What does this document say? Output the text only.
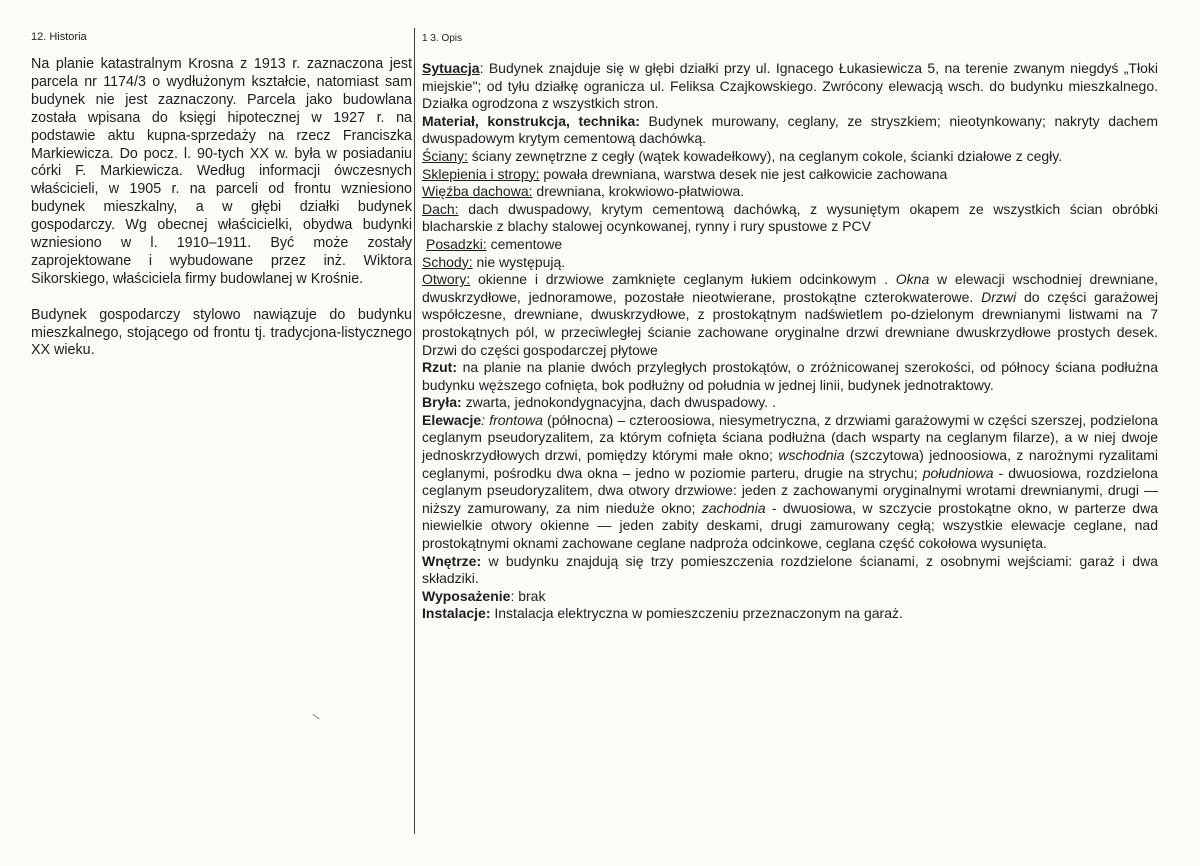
12. Historia	1 3. Opis

Na planie katastralnym Krosna z 1913 r. zaznaczona jest parcela nr 1174/3 o wydłużonym kształcie, natomiast sam budynek nie jest zaznaczony. Parcela jako budowlana została wpisana do księgi hipotecznej w 1927 r. na podstawie aktu kupna-sprzedaży na rzecz Franciszka Markiewicza. Do pocz. l. 90-tych XX w. była w posiadaniu córki F. Markiewicza. Według informacji ówczesnych właścicieli, w 1905 r. na parceli od frontu wzniesiono budynek mieszkalny, a w głębi działki budynek gospodarczy. Wg obecnej właścicielki, obydwa budynki wzniesiono w l. 1910–1911. Być może zostały zaprojektowane i wybudowane przez inż. Wiktora Sikorskiego, właściciela firmy budowlanej w Krośnie.

Budynek gospodarczy stylowo nawiązuje do budynku mieszkalnego, stojącego od frontu tj. tradycjona-listycznego XX wieku.

Sytuacja: Budynek znajduje się w głębi działki przy ul. Ignacego Łukasiewicza 5, na terenie zwanym niegdyś „Tłoki miejskie"; od tyłu działkę ogranicza ul. Feliksa Czajkowskiego. Zwrócony elewacją wsch. do budynku mieszkalnego. Działka ogrodzona z wszystkich stron.

Materiał, konstrukcja, technika: Budynek murowany, ceglany, ze stryszkiem; nieotynkowany; nakryty dachem dwuspadowym krytym cementową dachówką.

Ściany: ściany zewnętrzne z cegły (wątek kowadełkowy), na ceglanym cokole, ścianki działowe z cegły.

Sklepienia i stropy: powała drewniana, warstwa desek nie jest całkowicie zachowana

Więźba dachowa: drewniana, krokwiowo-płatwiowa.

Dach: dach dwuspadowy, krytym cementową dachówką, z wysuniętym okapem ze wszystkich ścian obróbki blacharskie z blachy stalowej ocynkowanej, rynny i rury spustowe z PCV

Posadzki: cementowe

Schody: nie występują.

Otwory: okienne i drzwiowe zamknięte ceglanym łukiem odcinkowym . Okna w elewacji wschodniej drewniane, dwuskrzydłowe, jednoramowe, pozostałe nieotwierane, prostokątne czterokwaterowe. Drzwi do części garażowej współczesne, drewniane, dwuskrzydłowe, z prostokątnym nadświetlem po-dzielonym drewnianymi listwami na 7 prostokątnych pól, w przeciwległej ścianie zachowane oryginalne drzwi drewniane dwuskrzydłowe prostych desek. Drzwi do części gospodarczej płytowe

Rzut: na planie na planie dwóch przyległych prostokątów, o zróżnicowanej szerokości, od północy ściana podłużna budynku węższego cofnięta, bok podłużny od południa w jednej linii, budynek jednotraktowy.

Bryła: zwarta, jednokondygnacyjna, dach dwuspadowy. .

Elewacje: frontowa (północna) – czteroosiowa, niesymetryczna, z drzwiami garażowymi w części szerszej, podzielona ceglanym pseudoryzalitem, za którym cofnięta ściana podłużna (dach wsparty na ceglanym filarze), a w niej dwoje jednoskrzydłowych drzwi, pomiędzy którymi małe okno; wschodnia (szczytowa) jednoosiowa, z narożnymi ryzalitami ceglanymi, pośrodku dwa okna – jedno w poziomie parteru, drugie na strychu; południowa - dwuosiowa, rozdzielona ceglanym pseudoryzalitem, dwa otwory drzwiowe: jeden z zachowanymi oryginalnymi wrotami drewnianymi, drugi — niższy zamurowany, za nim nieduże okno; zachodnia - dwuosiowa, w szczycie prostokątne okno, w parterze dwa niewielkie otwory okienne — jeden zabity deskami, drugi zamurowany cegłą; wszystkie elewacje ceglane, nad prostokątnymi oknami zachowane ceglane nadproża odcinkowe, ceglana część cokołowa wysunięta.

Wnętrze: w budynku znajdują się trzy pomieszczenia rozdzielone ścianami, z osobnymi wejściami: garaż i dwa składziki.

Wyposażenie: brak

Instalacje: Instalacja elektryczna w pomieszczeniu przeznaczonym na garaż.
